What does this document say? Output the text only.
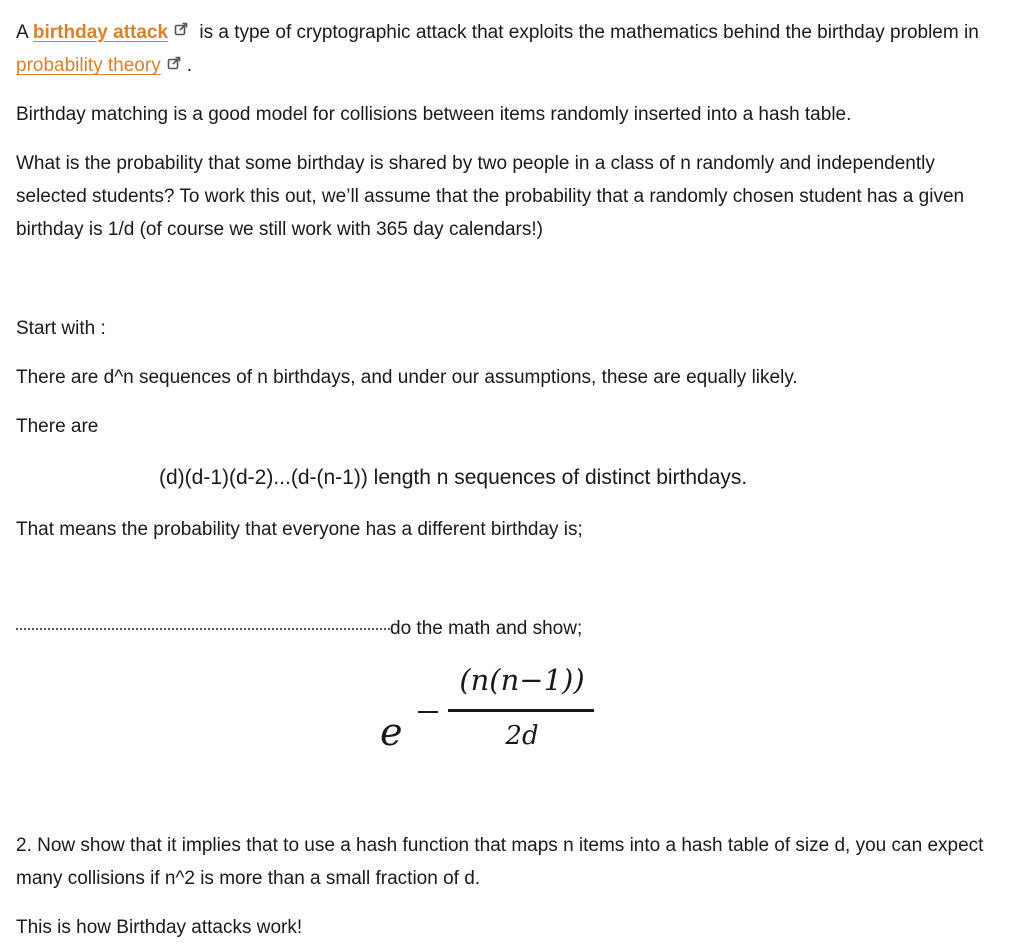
A birthday attack is a type of cryptographic attack that exploits the mathematics behind the birthday problem in probability theory .

Birthday matching is a good model for collisions between items randomly inserted into a hash table.

What is the probability that some birthday is shared by two people in a class of n randomly and independently selected students? To work this out, we’ll assume that the probability that a randomly chosen student has a given birthday is 1/d (of course we still work with 365 day calendars!)

Start with :

There are d^n sequences of n birthdays, and under our assumptions, these are equally likely.

There are

(d)(d-1)(d-2)...(d-(n-1)) length n sequences of distinct birthdays.

That means the probability that everyone has a different birthday is;

do the math and show;

2. Now show that it implies that to use a hash function that maps n items into a hash table of size d, you can expect many collisions if n^2 is more than a small fraction of d.

This is how Birthday attacks work!

e
(n(n−1))
2d
